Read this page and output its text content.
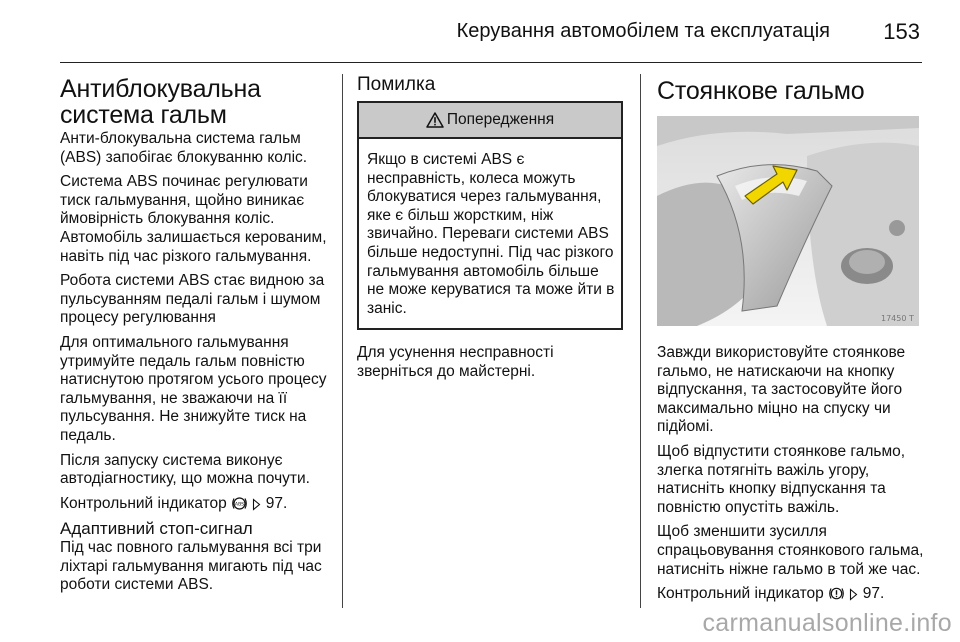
Керування автомобілем та експлуатація 153
Антиблокувальна система гальм

Анти-блокувальна система гальм (ABS) запобігає блокуванню коліс.

Система ABS починає регулювати тиск гальмування, щойно виникає ймовірність блокування коліс. Автомобіль залишається керованим, навіть під час різкого гальмування.

Робота системи ABS стає видною за пульсуванням педалі гальм і шумом процесу регулювання

Для оптимального гальмування утримуйте педаль гальм повністю натиснутою протягом усього процесу гальмування, не зважаючи на її пульсування. Не знижуйте тиск на педаль.

Після запуску система виконує автодіагностику, що можна почути.

Контрольний індикатор ABS 97.

Адаптивний стоп-сигнал

Під час повного гальмування всі три ліхтарі гальмування мигають під час роботи системи ABS.

Помилка
Попередження
Якщо в системі ABS є несправність, колеса можуть блокуватися через гальмування, яке є більш жорстким, ніж звичайно. Переваги системи ABS більше недоступні. Під час різкого гальмування автомобіль більше не може керуватися та може йти в заніс.

Для усунення несправності зверніться до майстерні.

Стоянкове гальмо
17450 T

Завжди використовуйте стоянкове гальмо, не натискаючи на кнопку відпускання, та застосовуйте його максимально міцно на спуску чи підйомі.

Щоб відпустити стоянкове гальмо, злегка потягніть важіль угору, натисніть кнопку відпускання та повністю опустіть важіль.

Щоб зменшити зусилля спрацьовування стоянкового гальма, натисніть ніжне гальмо в той же час.

Контрольний індикатор	97.

carmanualsonline.info
